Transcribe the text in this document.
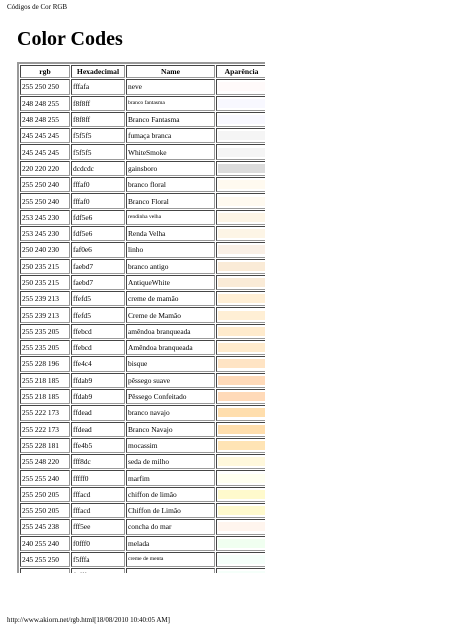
Códigos de Cor RGB
Color Codes
rgb	Hexadecimal	Name	Aparência
255 250 250	fffafa	neve	

248 248 255	f8f8ff	branco fantasma	

248 248 255	f8f8ff	Branco Fantasma	

245 245 245	f5f5f5	fumaça branca	

245 245 245	f5f5f5	WhiteSmoke	

220 220 220	dcdcdc	gainsboro	

255 250 240	fffaf0	branco floral	

255 250 240	fffaf0	Branco Floral	

253 245 230	fdf5e6	rendinha velha	

253 245 230	fdf5e6	Renda Velha	

250 240 230	faf0e6	linho	

250 235 215	faebd7	branco antigo	

250 235 215	faebd7	AntiqueWhite	

255 239 213	ffefd5	creme de mamão	

255 239 213	ffefd5	Creme de Mamão	

255 235 205	ffebcd	amêndoa branqueada	

255 235 205	ffebcd	Amêndoa branqueada	

255 228 196	ffe4c4	bisque	

255 218 185	ffdab9	pêssego suave	

255 218 185	ffdab9	Pêssego Confeitado	

255 222 173	ffdead	branco navajo	

255 222 173	ffdead	Branco Navajo	

255 228 181	ffe4b5	mocassim	

255 248 220	fff8dc	seda de milho	

255 255 240	fffff0	marfim	

255 250 205	fffacd	chiffon de limão	

255 250 205	fffacd	Chiffon de Limão	

255 245 238	fff5ee	concha do mar	

240 255 240	f0fff0	melada	

245 255 250	f5fffa	creme de menta	

http://www.akiorn.net/rgb.html[18/08/2010 10:40:05 AM]
